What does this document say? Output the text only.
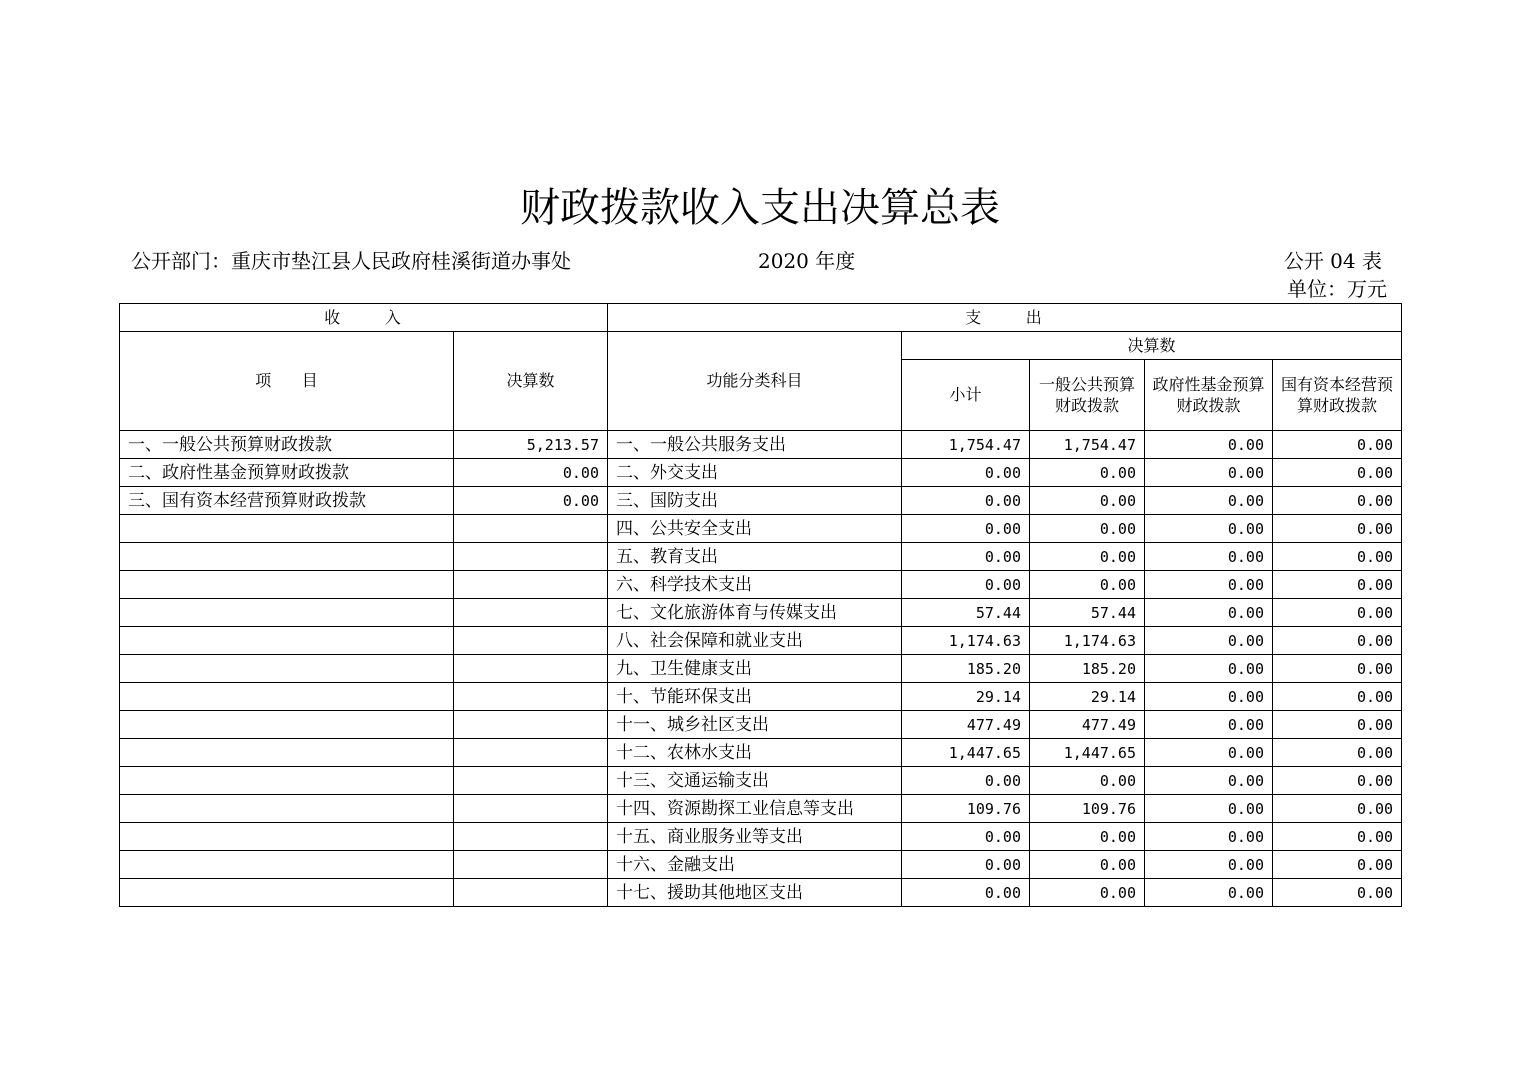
财政拨款收入支出决算总表
公开部门：重庆市垫江县人民政府桂溪街道办事处	2020 年度	公开 04 表
单位：万元
收      入		支      出				
项      目	决算数	功能分类科目	决算数			
			小计	一般公共预算财政拨款	政府性基金预算财政拨款	国有资本经营预算财政拨款
一、一般公共预算财政拨款	5,213.57	一、一般公共服务支出	1,754.47	1,754.47	0.00	0.00
二、政府性基金预算财政拨款	0.00	二、外交支出	0.00	0.00	0.00	0.00
三、国有资本经营预算财政拨款	0.00	三、国防支出	0.00	0.00	0.00	0.00
		四、公共安全支出	0.00	0.00	0.00	0.00
		五、教育支出	0.00	0.00	0.00	0.00
		六、科学技术支出	0.00	0.00	0.00	0.00
		七、文化旅游体育与传媒支出	57.44	57.44	0.00	0.00
		八、社会保障和就业支出	1,174.63	1,174.63	0.00	0.00
		九、卫生健康支出	185.20	185.20	0.00	0.00
		十、节能环保支出	29.14	29.14	0.00	0.00
		十一、城乡社区支出	477.49	477.49	0.00	0.00
		十二、农林水支出	1,447.65	1,447.65	0.00	0.00
		十三、交通运输支出	0.00	0.00	0.00	0.00
		十四、资源勘探工业信息等支出	109.76	109.76	0.00	0.00
		十五、商业服务业等支出	0.00	0.00	0.00	0.00
		十六、金融支出	0.00	0.00	0.00	0.00
		十七、援助其他地区支出	0.00	0.00	0.00	0.00
